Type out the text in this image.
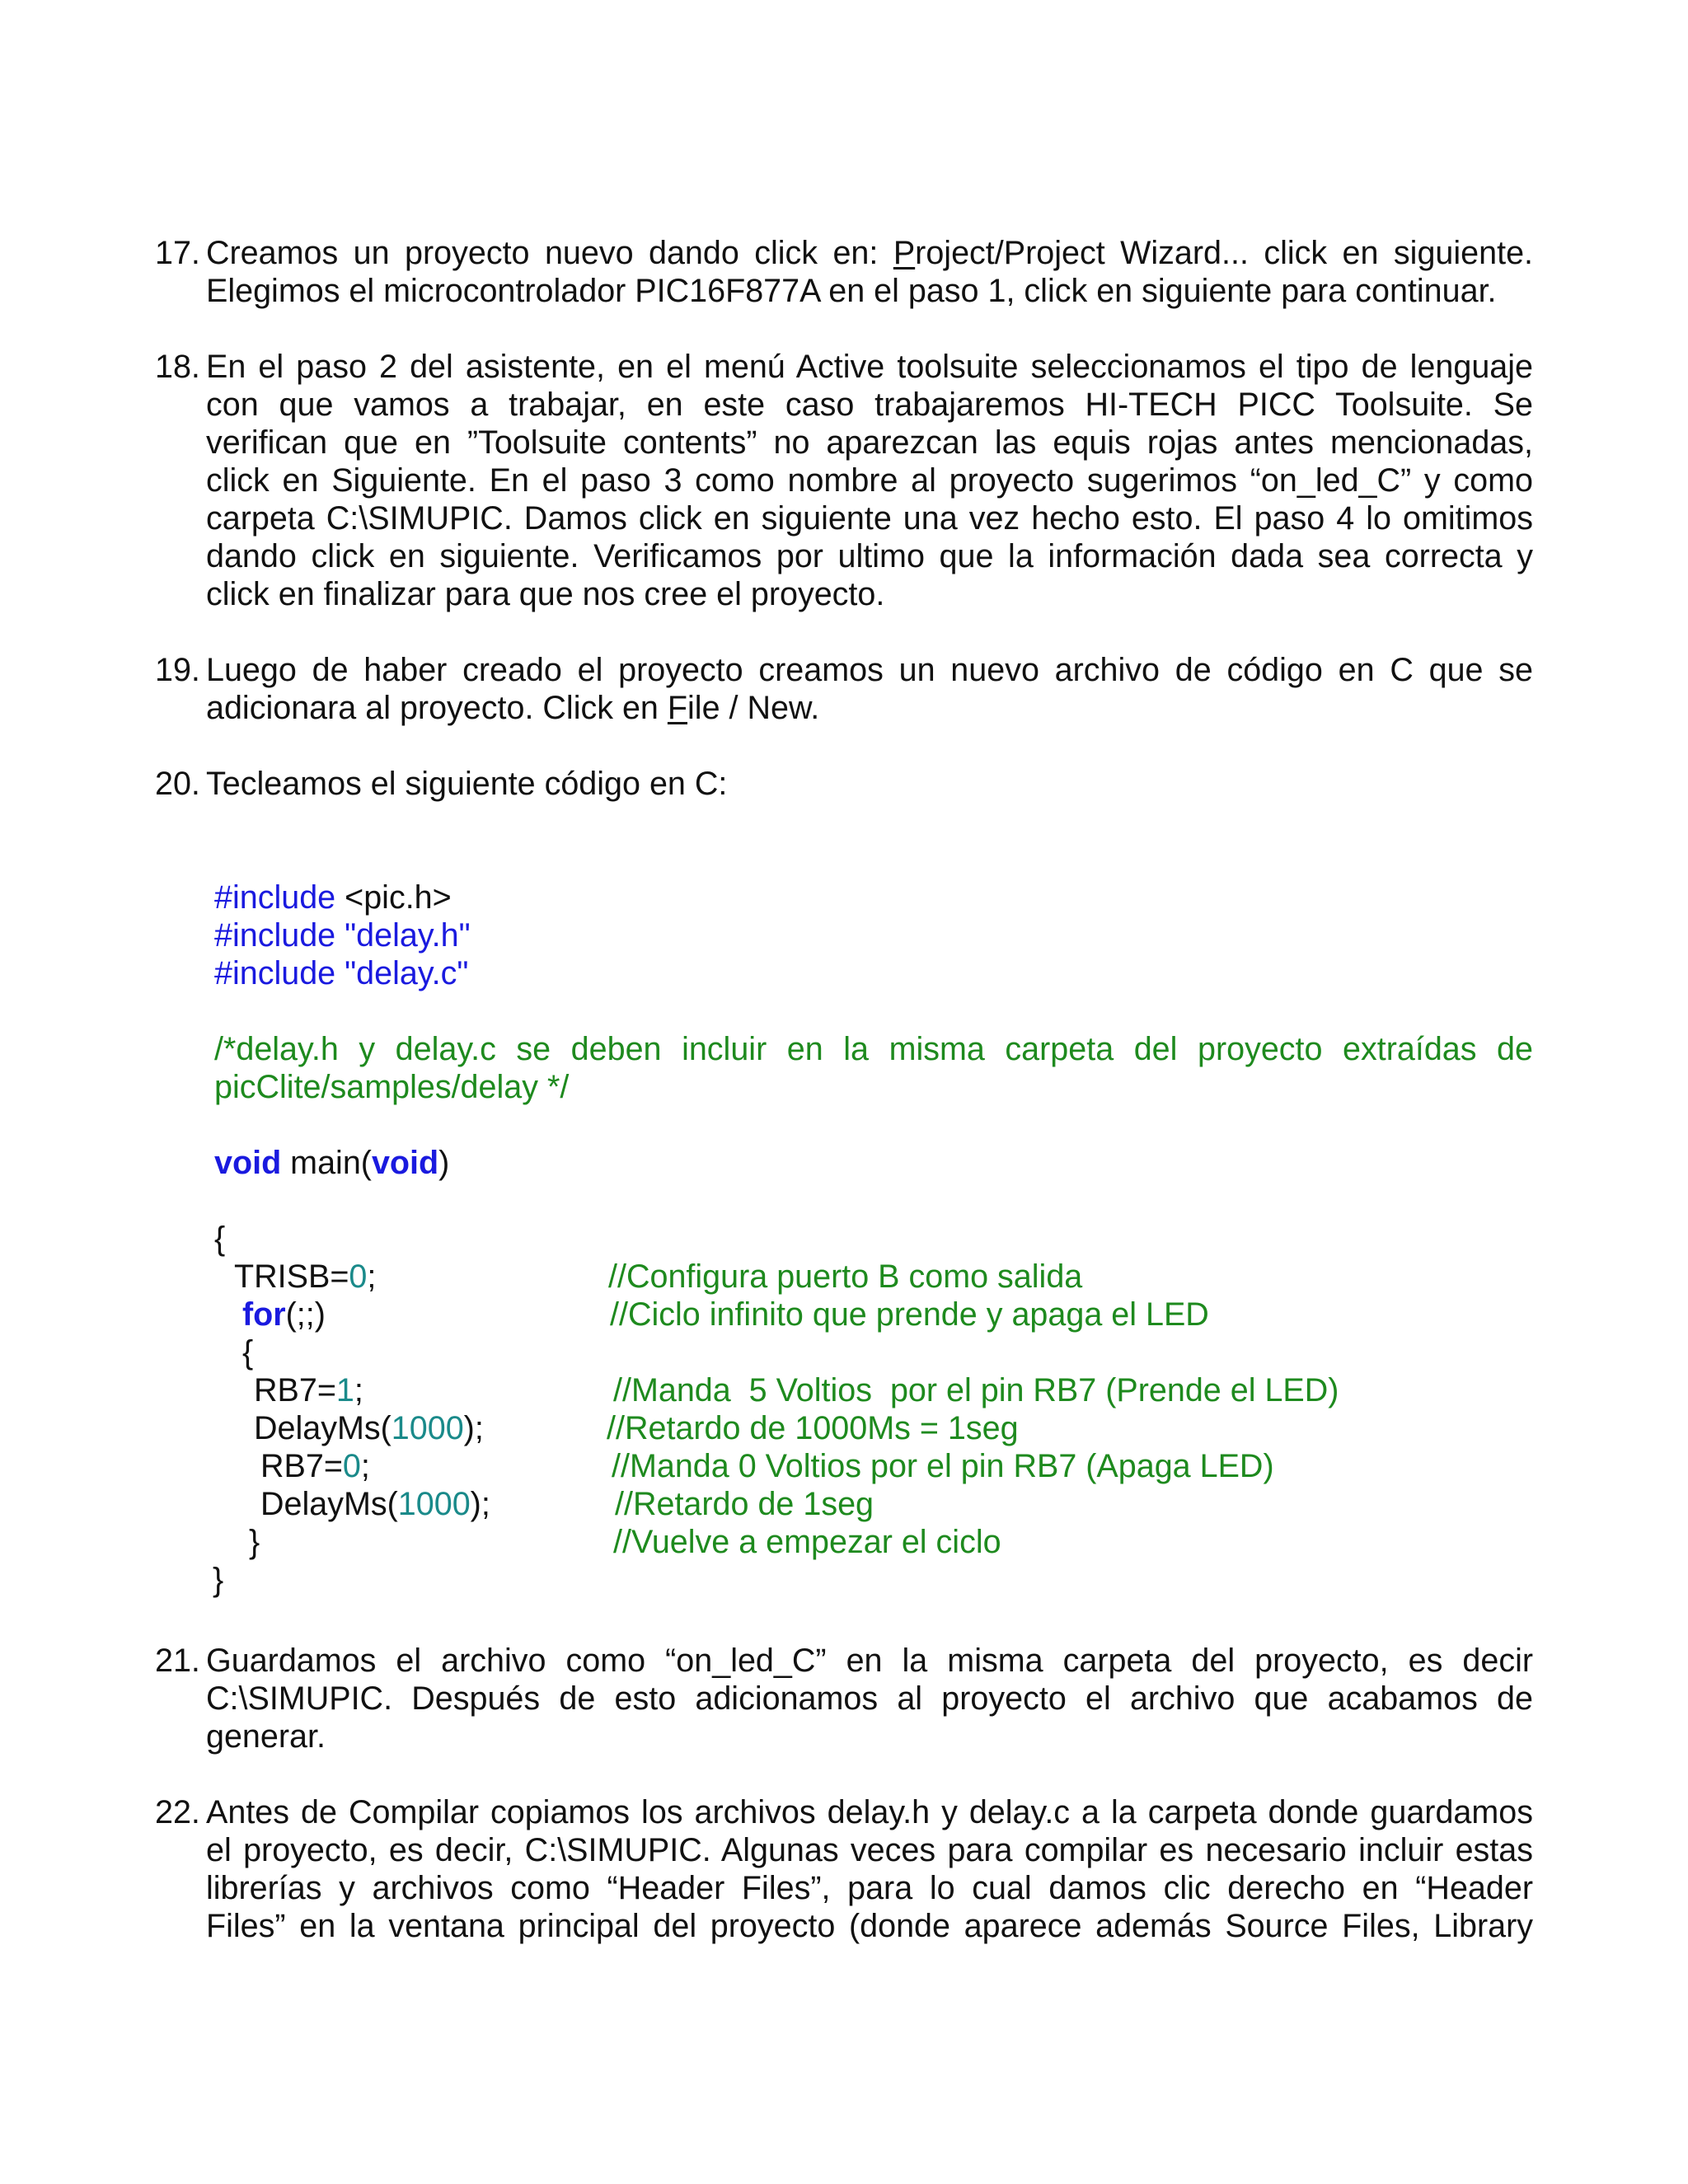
17. Creamos un proyecto nuevo dando click en: Project/Project Wizard... click en siguiente.
Elegimos el microcontrolador PIC16F877A en el paso 1, click en siguiente para continuar.
18. En el paso 2 del asistente, en el menú Active toolsuite seleccionamos el tipo de lenguaje
con que vamos a trabajar, en este caso trabajaremos HI-TECH PICC Toolsuite. Se
verifican que en ”Toolsuite contents” no aparezcan las equis rojas antes mencionadas,
click en Siguiente. En el paso 3 como nombre al proyecto sugerimos “on_led_C” y como
carpeta C:\SIMUPIC. Damos click en siguiente una vez hecho esto. El paso 4 lo omitimos
dando click en siguiente. Verificamos por ultimo que la información dada sea correcta y
click en finalizar para que nos cree el proyecto.
19. Luego de haber creado el proyecto creamos un nuevo archivo de código en C que se
adicionara al proyecto. Click en File / New.
20. Tecleamos el siguiente código en C:
#include <pic.h>
#include "delay.h"
#include "delay.c"
/*delay.h y delay.c se deben incluir en la misma carpeta del proyecto extraídas de
picClite/samples/delay */
void main(void)
{
TRISB=0;	//Configura puerto B como salida
for(;;)	//Ciclo infinito que prende y apaga el LED
{
RB7=1;	//Manda  5 Voltios  por el pin RB7 (Prende el LED)
DelayMs(1000);	//Retardo de 1000Ms = 1seg
RB7=0;	//Manda 0 Voltios por el pin RB7 (Apaga LED)
DelayMs(1000);	//Retardo de 1seg
}	//Vuelve a empezar el ciclo
}
21. Guardamos el archivo como “on_led_C” en la misma carpeta del proyecto, es decir
C:\SIMUPIC. Después de esto adicionamos al proyecto el archivo que acabamos de
generar.
22. Antes de Compilar copiamos los archivos delay.h y delay.c a la carpeta donde guardamos
el proyecto, es decir, C:\SIMUPIC. Algunas veces para compilar es necesario incluir estas
librerías y archivos como “Header Files”, para lo cual damos clic derecho en “Header
Files” en la ventana principal del proyecto (donde aparece además Source Files, Library
